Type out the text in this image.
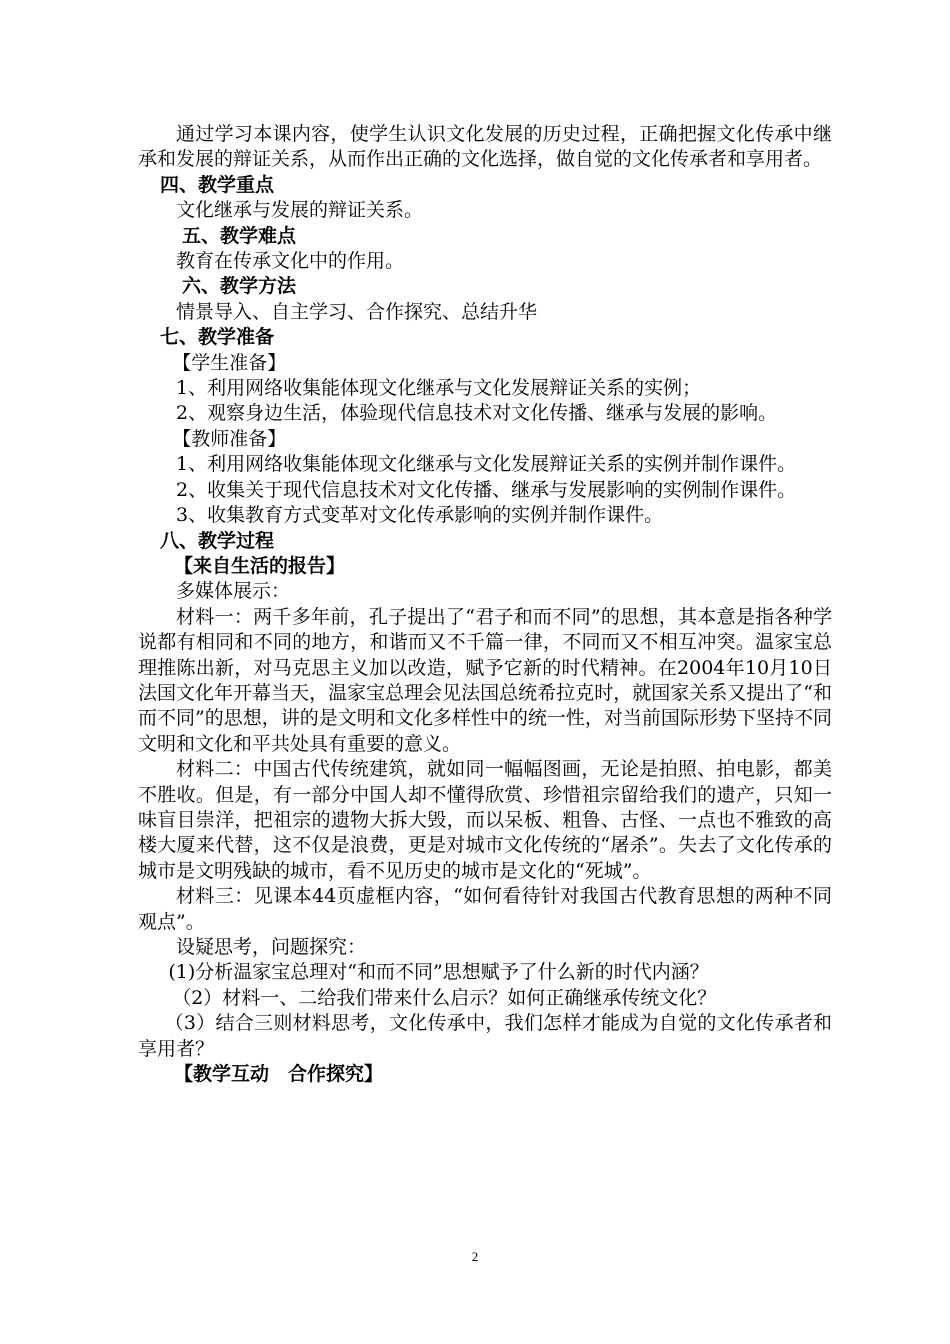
通过学习本课内容，使学生认识文化发展的历史过程，正确把握文化传承中继承和发展的辩证关系，从而作出正确的文化选择，做自觉的文化传承者和享用者。

四、教学重点

文化继承与发展的辩证关系。

五、教学难点

教育在传承文化中的作用。

六、教学方法

情景导入、自主学习、合作探究、总结升华

七、教学准备

【学生准备】

1、利用网络收集能体现文化继承与文化发展辩证关系的实例；

2、观察身边生活，体验现代信息技术对文化传播、继承与发展的影响。

【教师准备】

1、利用网络收集能体现文化继承与文化发展辩证关系的实例并制作课件。

2、收集关于现代信息技术对文化传播、继承与发展影响的实例制作课件。

3、收集教育方式变革对文化传承影响的实例并制作课件。

八、教学过程

【来自生活的报告】

多媒体展示：

材料一：两千多年前，孔子提出了“君子和而不同”的思想，其本意是指各种学说都有相同和不同的地方，和谐而又不千篇一律，不同而又不相互冲突。温家宝总理推陈出新，对马克思主义加以改造，赋予它新的时代精神。在2004年10月10日法国文化年开幕当天，温家宝总理会见法国总统希拉克时，就国家关系又提出了“和而不同”的思想，讲的是文明和文化多样性中的统一性，对当前国际形势下坚持不同文明和文化和平共处具有重要的意义。

材料二：中国古代传统建筑，就如同一幅幅图画，无论是拍照、拍电影，都美不胜收。但是，有一部分中国人却不懂得欣赏、珍惜祖宗留给我们的遗产，只知一味盲目崇洋，把祖宗的遗物大拆大毁，而以呆板、粗鲁、古怪、一点也不雅致的高楼大厦来代替，这不仅是浪费，更是对城市文化传统的“屠杀”。失去了文化传承的城市是文明残缺的城市，看不见历史的城市是文化的“死城”。

材料三：见课本44页虚框内容，“如何看待针对我国古代教育思想的两种不同观点”。

设疑思考，问题探究：

(1)分析温家宝总理对“和而不同”思想赋予了什么新的时代内涵？

（2）材料一、二给我们带来什么启示？如何正确继承传统文化？

（3）结合三则材料思考，文化传承中，我们怎样才能成为自觉的文化传承者和享用者？

【教学互动　合作探究】

2
